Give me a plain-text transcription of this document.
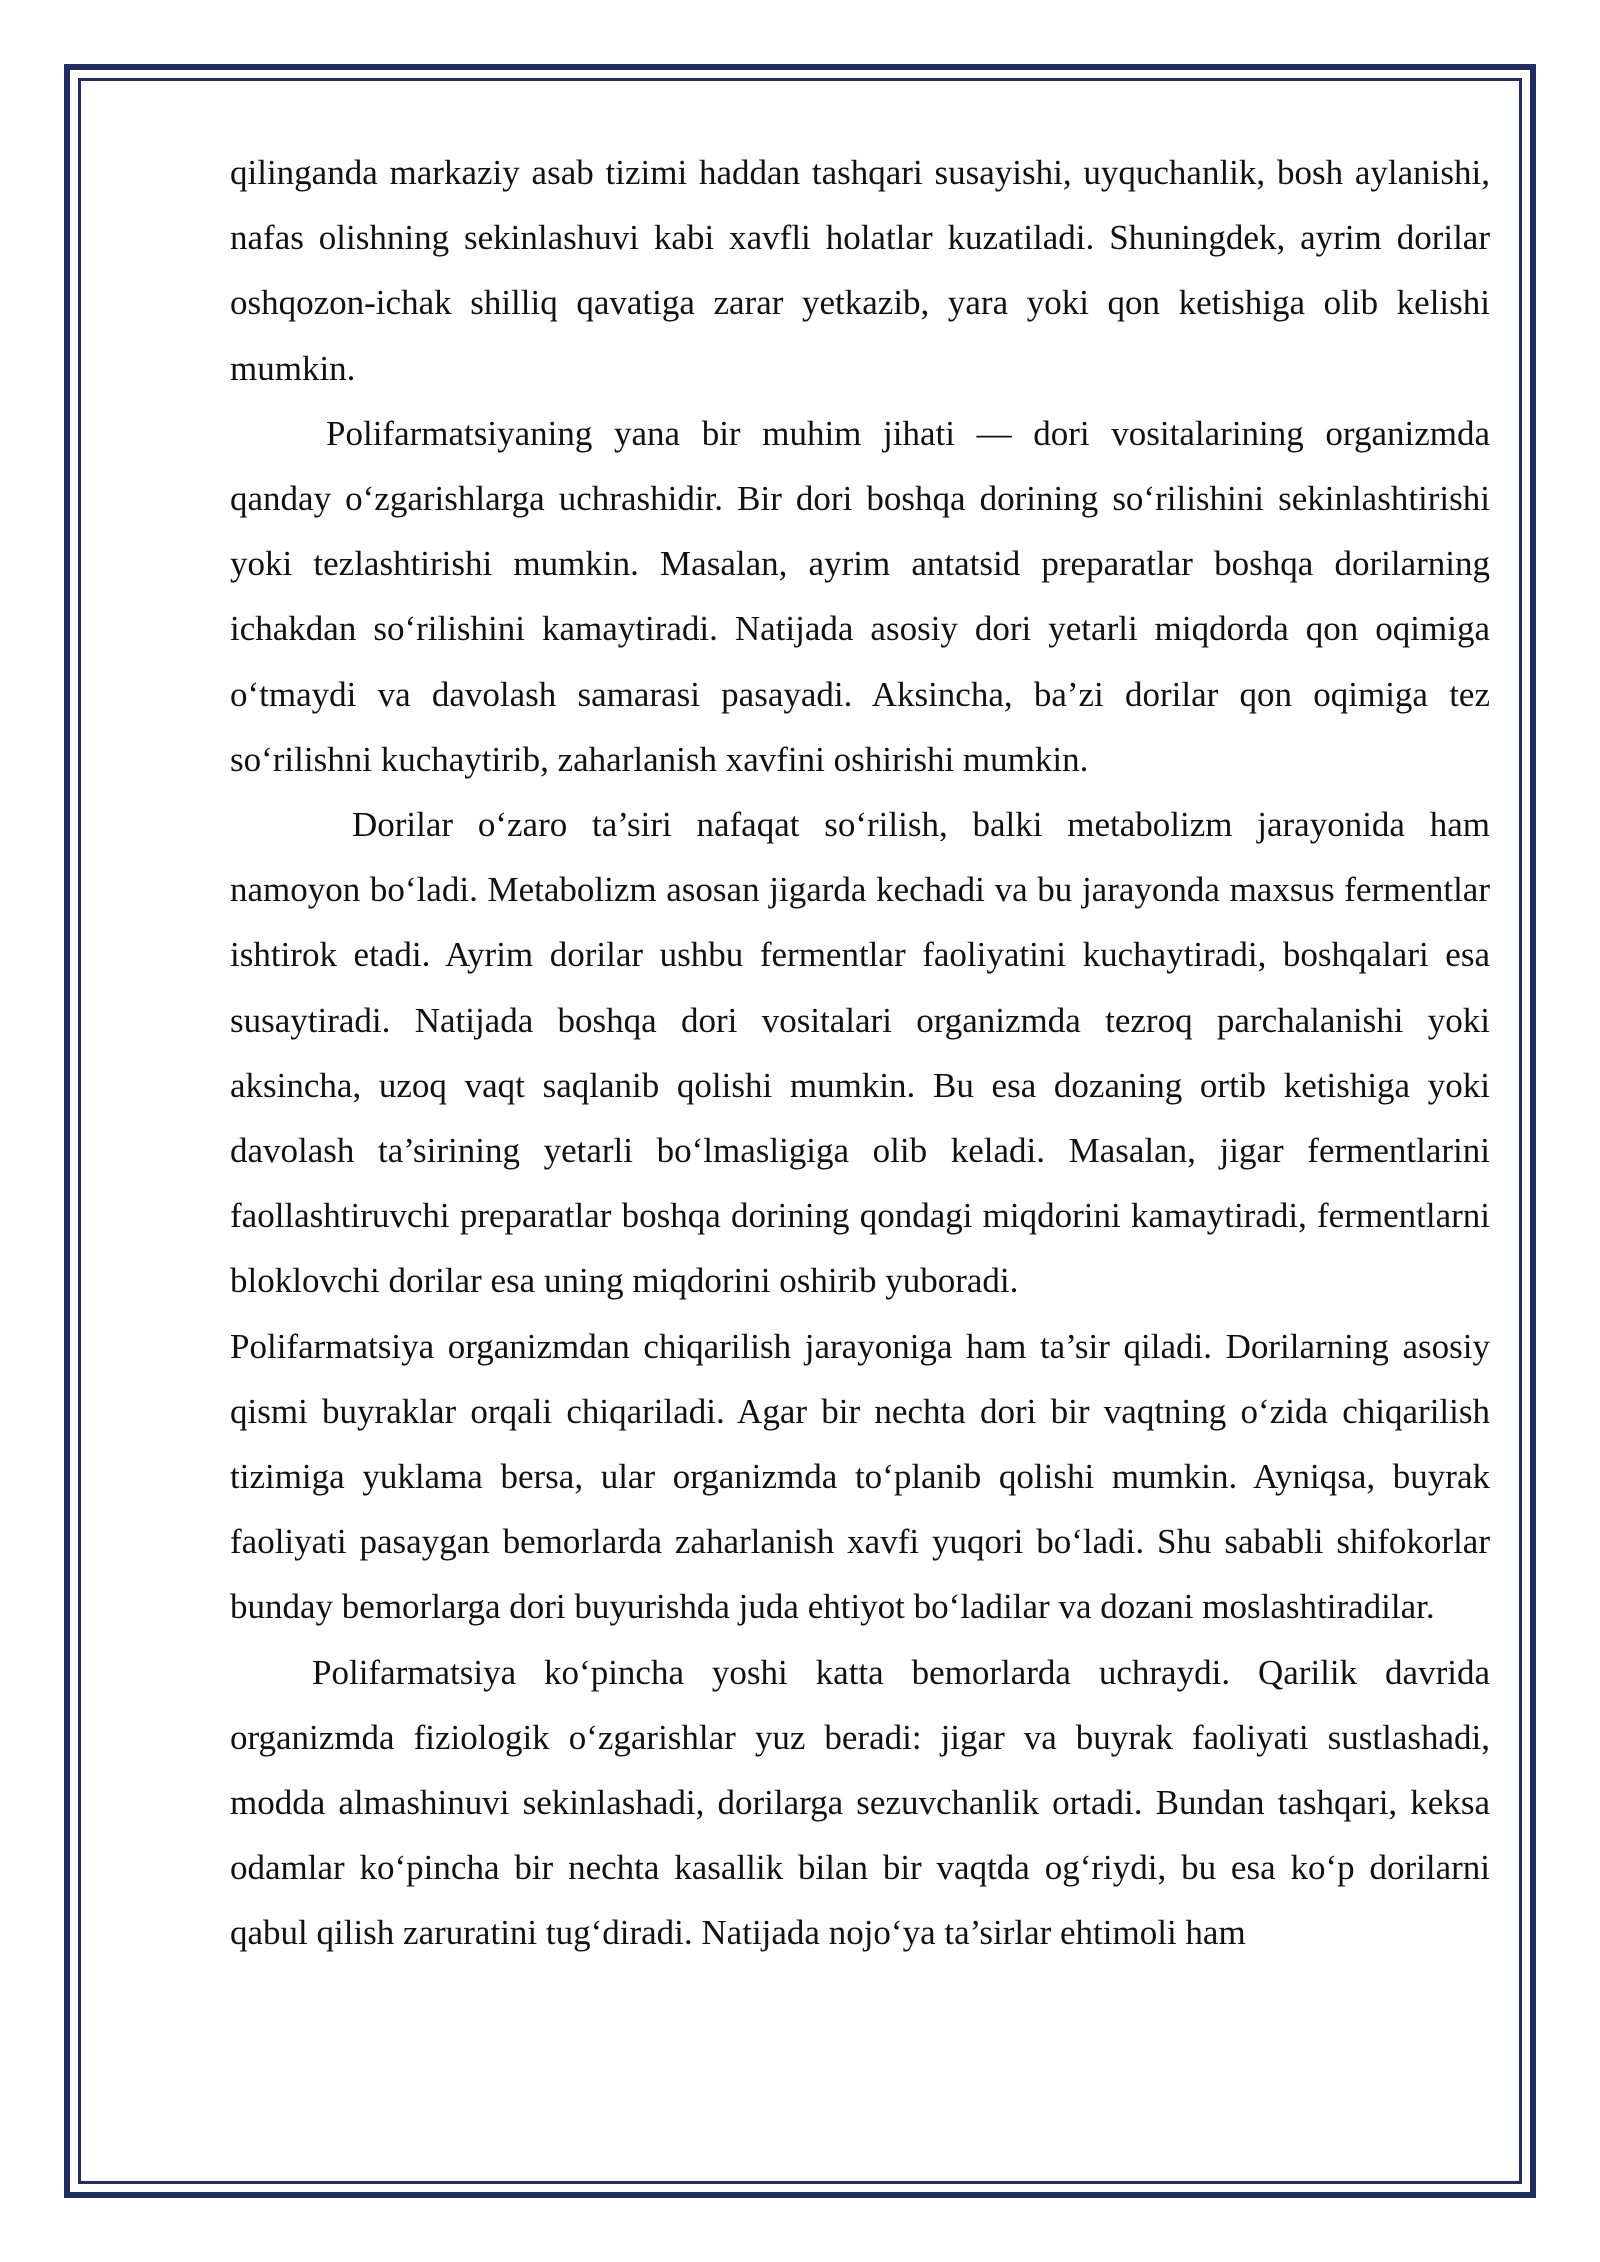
qilinganda markaziy asab tizimi haddan tashqari susayishi, uyquchanlik, bosh aylanishi, nafas olishning sekinlashuvi kabi xavfli holatlar kuzatiladi. Shuningdek, ayrim dorilar oshqozon-ichak shilliq qavatiga zarar yetkazib, yara yoki qon ketishiga olib kelishi mumkin.

Polifarmatsiyaning yana bir muhim jihati — dori vositalarining organizmda qanday o‘zgarishlarga uchrashidir. Bir dori boshqa dorining so‘rilishini sekinlashtirishi yoki tezlashtirishi mumkin. Masalan, ayrim antatsid preparatlar boshqa dorilarning ichakdan so‘rilishini kamaytiradi. Natijada asosiy dori yetarli miqdorda qon oqimiga o‘tmaydi va davolash samarasi pasayadi. Aksincha, ba’zi dorilar qon oqimiga tez so‘rilishni kuchaytirib, zaharlanish xavfini oshirishi mumkin.

Dorilar o‘zaro ta’siri nafaqat so‘rilish, balki metabolizm jarayonida ham namoyon bo‘ladi. Metabolizm asosan jigarda kechadi va bu jarayonda maxsus fermentlar ishtirok etadi. Ayrim dorilar ushbu fermentlar faoliyatini kuchaytiradi, boshqalari esa susaytiradi. Natijada boshqa dori vositalari organizmda tezroq parchalanishi yoki aksincha, uzoq vaqt saqlanib qolishi mumkin. Bu esa dozaning ortib ketishiga yoki davolash ta’sirining yetarli bo‘lmasligiga olib keladi. Masalan, jigar fermentlarini faollashtiruvchi preparatlar boshqa dorining qondagi miqdorini kamaytiradi, fermentlarni bloklovchi dorilar esa uning miqdorini oshirib yuboradi.

Polifarmatsiya organizmdan chiqarilish jarayoniga ham ta’sir qiladi. Dorilarning asosiy qismi buyraklar orqali chiqariladi. Agar bir nechta dori bir vaqtning o‘zida chiqarilish tizimiga yuklama bersa, ular organizmda to‘planib qolishi mumkin. Ayniqsa, buyrak faoliyati pasaygan bemorlarda zaharlanish xavfi yuqori bo‘ladi. Shu sababli shifokorlar bunday bemorlarga dori buyurishda juda ehtiyot bo‘ladilar va dozani moslashtiradilar.

Polifarmatsiya ko‘pincha yoshi katta bemorlarda uchraydi. Qarilik davrida organizmda fiziologik o‘zgarishlar yuz beradi: jigar va buyrak faoliyati sustlashadi, modda almashinuvi sekinlashadi, dorilarga sezuvchanlik ortadi. Bundan tashqari, keksa odamlar ko‘pincha bir nechta kasallik bilan bir vaqtda og‘riydi, bu esa ko‘p dorilarni qabul qilish zaruratini tug‘diradi. Natijada nojo‘ya ta’sirlar ehtimoli ham
